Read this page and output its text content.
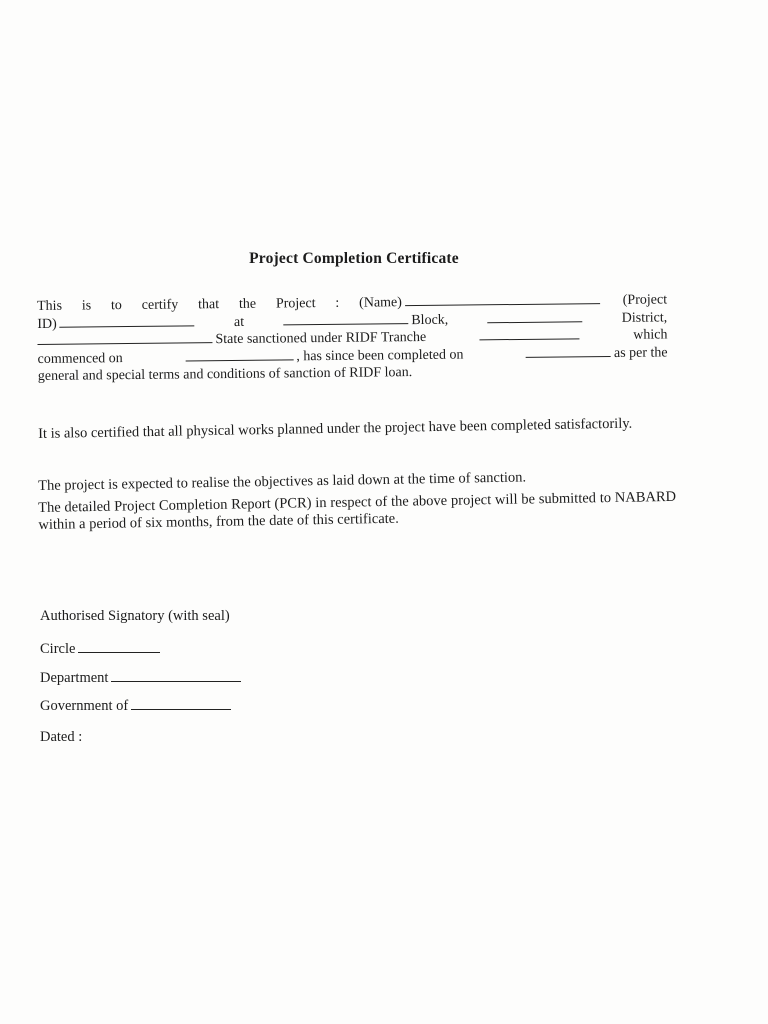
Project Completion Certificate
This is to certify that the Project : (Name)	(Project
ID)	at	Block,	District,
State sanctioned under RIDF Tranche	which
commenced on	, has since been completed on	as per the
general and special terms and conditions of sanction of RIDF loan.
It is also certified that all physical works planned under the project have been completed satisfactorily.
The project is expected to realise the objectives as laid down at the time of sanction.
The detailed Project Completion Report (PCR) in respect of the above project will be submitted to NABARD within a period of six months, from the date of this certificate.
Authorised Signatory (with seal)
Circle
Department
Government of
Dated :
